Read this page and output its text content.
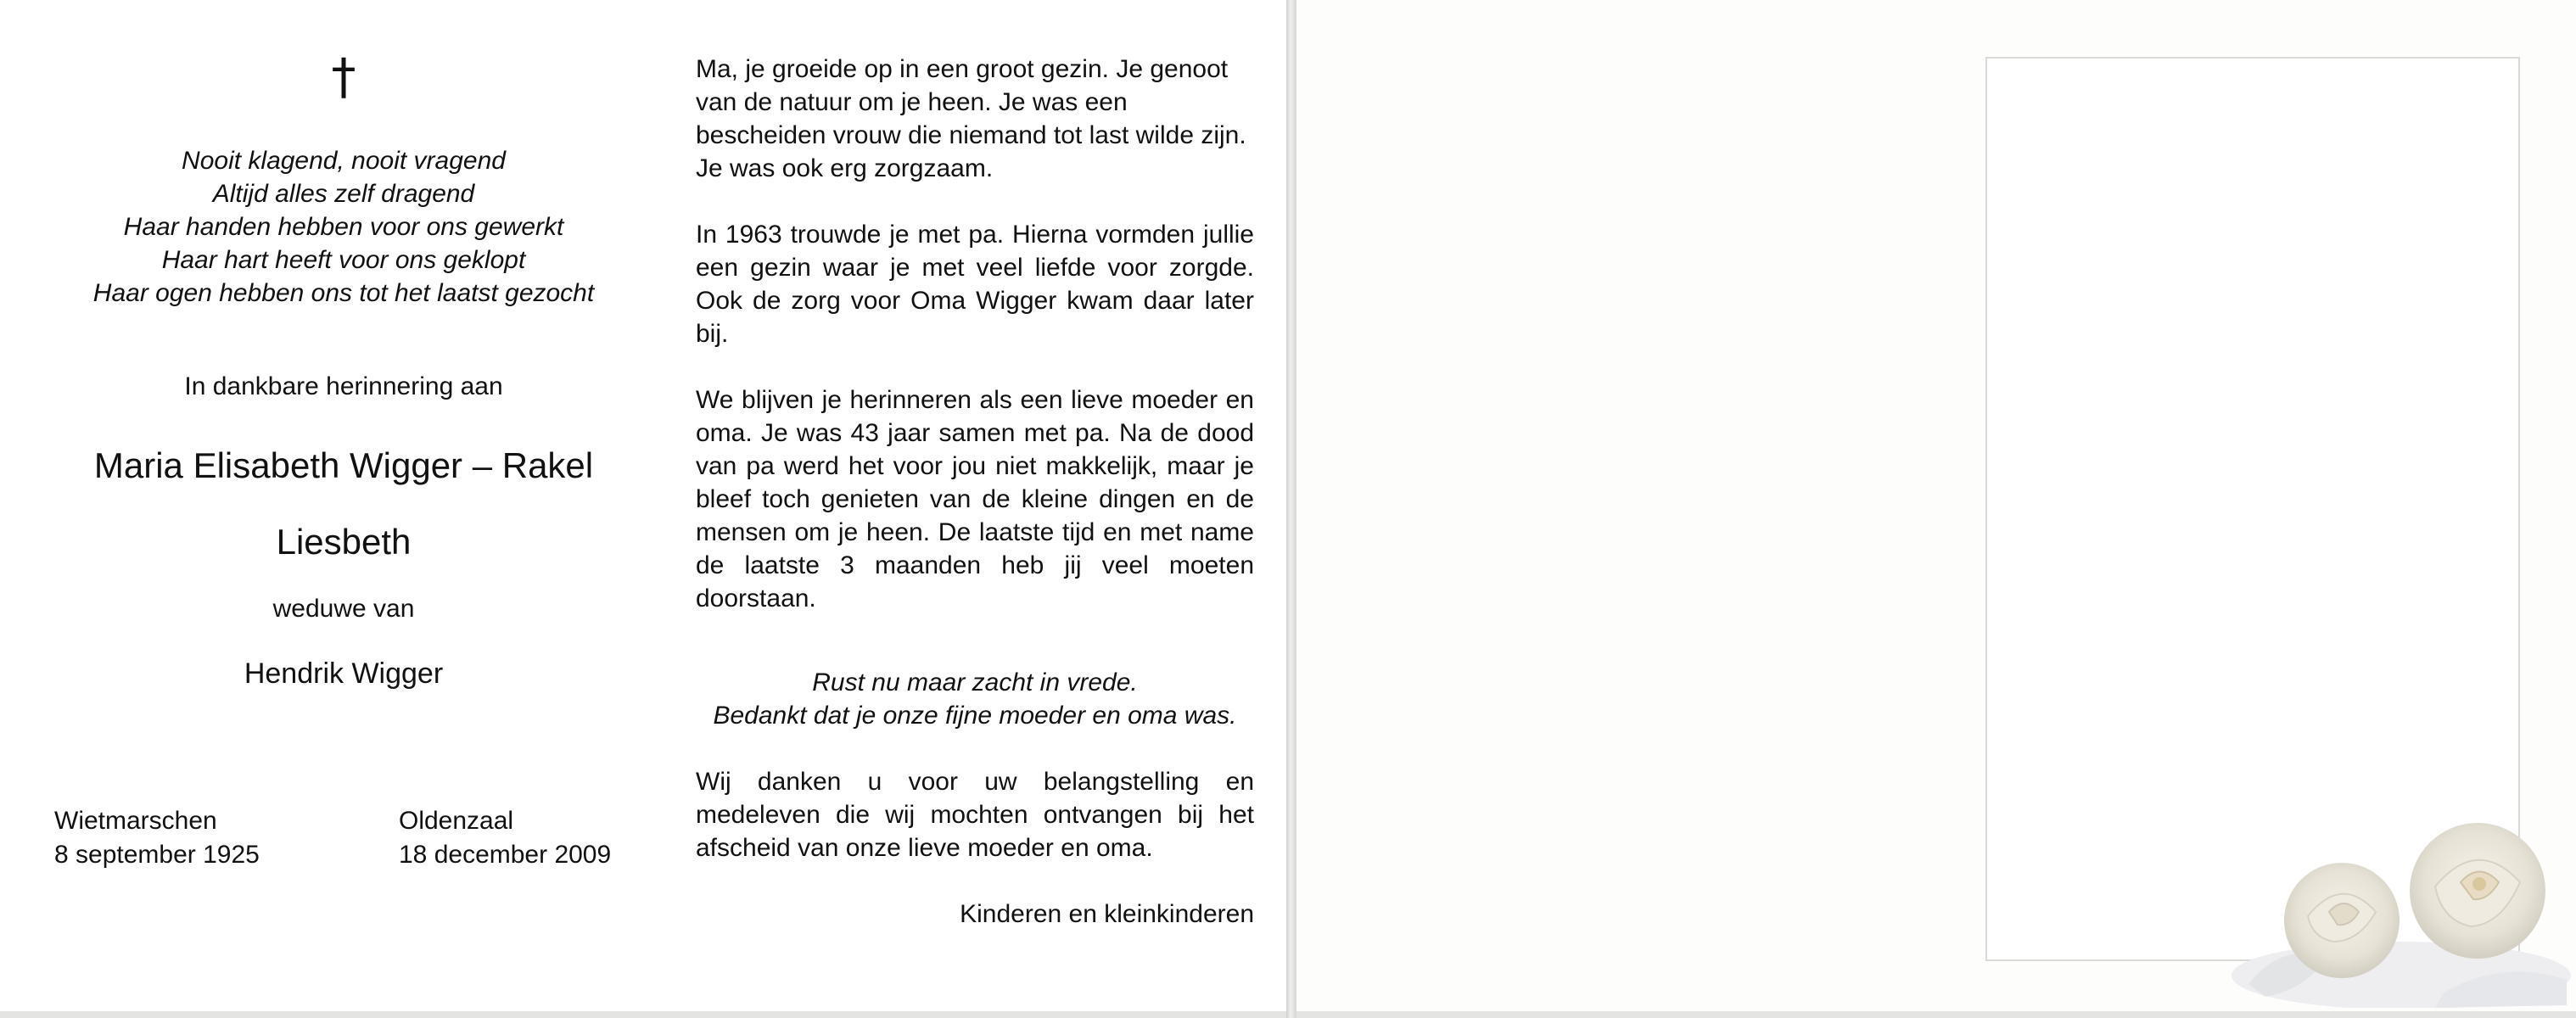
†
Nooit klagend, nooit vragend
Altijd alles zelf dragend
Haar handen hebben voor ons gewerkt
Haar hart heeft voor ons geklopt
Haar ogen hebben ons tot het laatst gezocht
In dankbare herinnering aan
Maria Elisabeth Wigger – Rakel
Liesbeth
weduwe van
Hendrik Wigger
Wietmarschen
8 september 1925
Oldenzaal
18 december 2009

Ma, je groeide op in een groot gezin. Je genoot van de natuur om je heen. Je was een bescheiden vrouw die niemand tot last wilde zijn. Je was ook erg zorgzaam.

In 1963 trouwde je met pa. Hierna vormden jullie een gezin waar je met veel liefde voor zorgde. Ook de zorg voor Oma Wigger kwam daar later bij.

We blijven je herinneren als een lieve moeder en oma. Je was 43 jaar samen met pa. Na de dood van pa werd het voor jou niet makkelijk, maar je bleef toch genieten van de kleine dingen en de mensen om je heen. De laatste tijd en met name de laatste 3 maanden heb jij veel moeten doorstaan.

Rust nu maar zacht in vrede.
Bedankt dat je onze fijne moeder en oma was.

Wij danken u voor uw belangstelling en medeleven die wij mochten ontvangen bij het afscheid van onze lieve moeder en oma.

Kinderen en kleinkinderen
